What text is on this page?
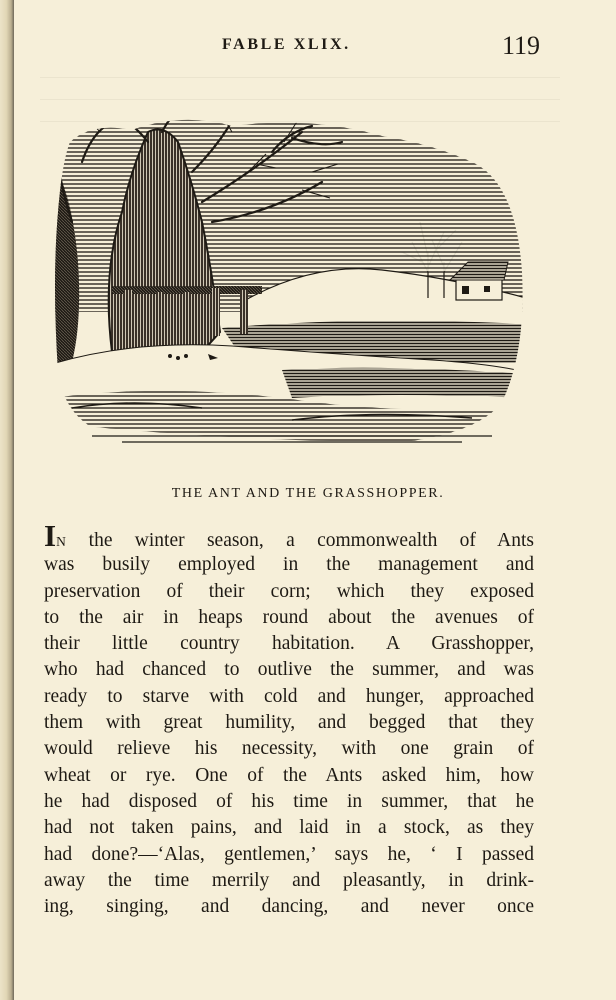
FABLE XLIX.	119
THE ANT AND THE GRASSHOPPER.
IN the winter season, a commonwealth of Ants
was busily employed in the management and
preservation of their corn; which they exposed
to the air in heaps round about the avenues of
their little country habitation. A Grasshopper,
who had chanced to outlive the summer, and was
ready to starve with cold and hunger, approached
them with great humility, and begged that they
would relieve his necessity, with one grain of
wheat or rye. One of the Ants asked him, how
he had disposed of his time in summer, that he
had not taken pains, and laid in a stock, as they
had done?—‘Alas, gentlemen,’ says he, ‘ I passed
away the time merrily and pleasantly, in drink-
ing, singing, and dancing, and never once
